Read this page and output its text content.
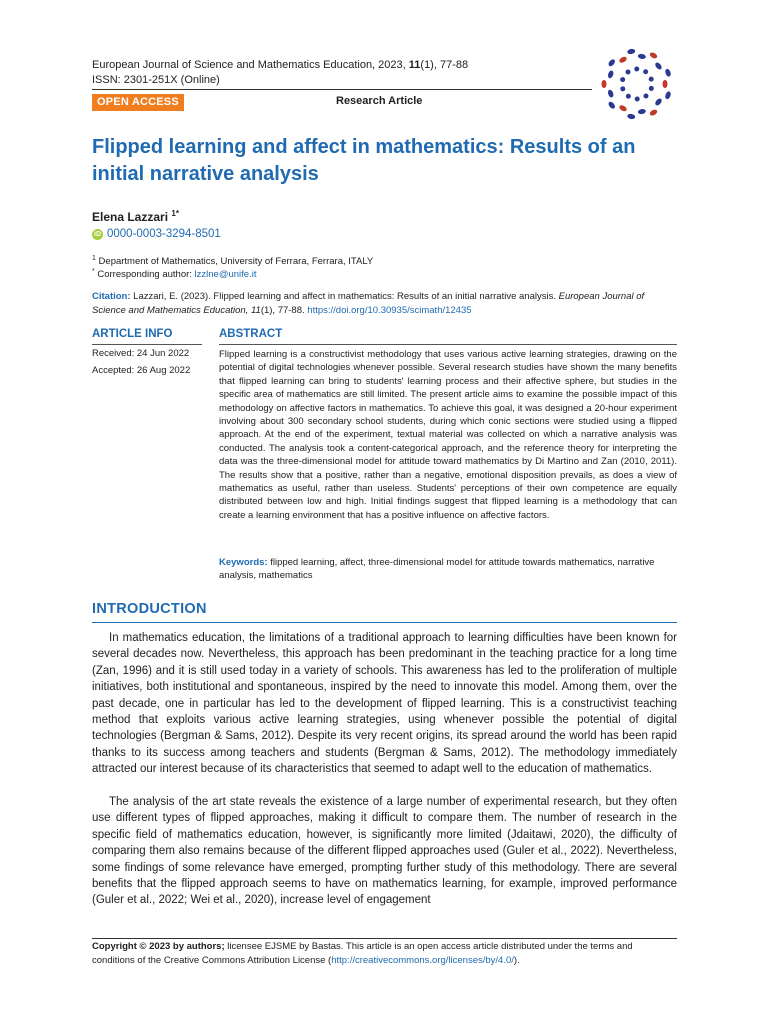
European Journal of Science and Mathematics Education, 2023, 11(1), 77-88
ISSN: 2301-251X (Online)
OPEN ACCESS	Research Article
Flipped learning and affect in mathematics: Results of an initial narrative analysis
Elena Lazzari $^{1*}$
iD 0000-0003-3294-8501
$^1$ Department of Mathematics, University of Ferrara, Ferrara, ITALY
* Corresponding author: lzzlne@unife.it
Citation: Lazzari, E. (2023). Flipped learning and affect in mathematics: Results of an initial narrative analysis. European Journal of Science and Mathematics Education, 11(1), 77-88. https://doi.org/10.30935/scimath/12435
ARTICLE INFO	ABSTRACT
Received: 24 Jun 2022
Accepted: 26 Aug 2022

Flipped learning is a constructivist methodology that uses various active learning strategies, drawing on the potential of digital technologies whenever possible. Several research studies have shown the many benefits that flipped learning can bring to students' learning process and their affective sphere, but studies in the specific area of mathematics are still limited. The present article aims to examine the possible impact of this methodology on affective factors in mathematics. To achieve this goal, it was designed a 20-hour experiment involving about 300 secondary school students, during which conic sections were studied using a flipped approach. At the end of the experiment, textual material was collected on which a narrative analysis was conducted. The analysis took a content-categorical approach, and the reference theory for interpreting the data was the three-dimensional model for attitude toward mathematics by Di Martino and Zan (2010, 2011). The results show that a positive, rather than a negative, emotional disposition prevails, as does a view of mathematics as useful, rather than useless. Students' perceptions of their own competence are equally distributed between low and high. Initial findings suggest that flipped learning is a methodology that can create a learning environment that has a positive influence on affective factors.

Keywords: flipped learning, affect, three-dimensional model for attitude towards mathematics, narrative analysis, mathematics

INTRODUCTION

In mathematics education, the limitations of a traditional approach to learning difficulties have been known for several decades now. Nevertheless, this approach has been predominant in the teaching practice for a long time (Zan, 1996) and it is still used today in a variety of schools. This awareness has led to the proliferation of multiple initiatives, both institutional and spontaneous, inspired by the need to innovate this model. Among them, over the past decade, one in particular has led to the development of flipped learning. This is a constructivist teaching method that exploits various active learning strategies, using whenever possible the potential of digital technologies (Bergman & Sams, 2012). Despite its very recent origins, its spread around the world has been rapid thanks to its success among teachers and students (Bergman & Sams, 2012). The methodology immediately attracted our interest because of its characteristics that seemed to adapt well to the education of mathematics.

The analysis of the art state reveals the existence of a large number of experimental research, but they often use different types of flipped approaches, making it difficult to compare them. The number of research in the specific field of mathematics education, however, is significantly more limited (Jdaitawi, 2020), the difficulty of comparing them also remains because of the different flipped approaches used (Guler et al., 2022). Nevertheless, some findings of some relevance have emerged, prompting further study of this methodology. There are several benefits that the flipped approach seems to have on mathematics learning, for example, improved performance (Guler et al., 2022; Wei et al., 2020), increase level of engagement

Copyright © 2023 by authors; licensee EJSME by Bastas. This article is an open access article distributed under the terms and conditions of the Creative Commons Attribution License (http://creativecommons.org/licenses/by/4.0/).
